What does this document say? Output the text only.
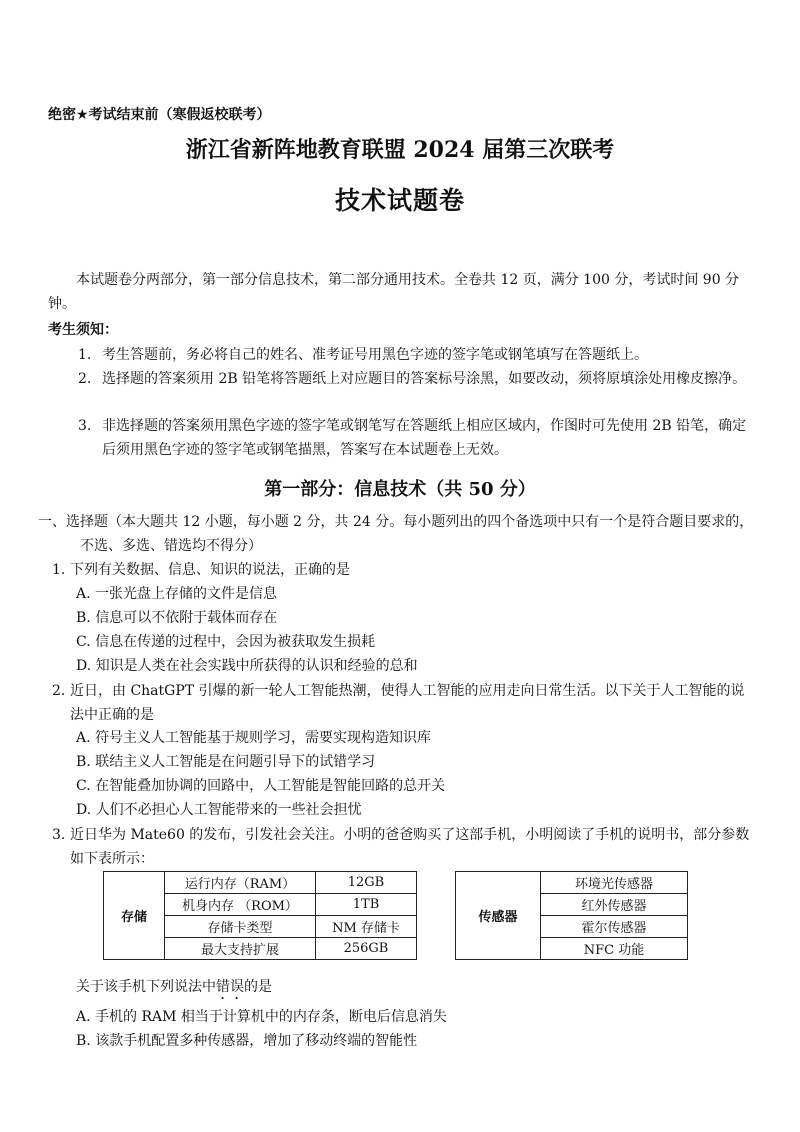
绝密★考试结束前（寒假返校联考）
浙江省新阵地教育联盟 2024 届第三次联考
技术试题卷
本试题卷分两部分，第一部分信息技术，第二部分通用技术。全卷共 12 页，满分 100 分，考试时间 90 分钟。
考生须知：
1. 考生答题前，务必将自己的姓名、准考证号用黑色字迹的签字笔或钢笔填写在答题纸上。
2. 选择题的答案须用 2B 铅笔将答题纸上对应题目的答案标号涂黑，如要改动，须将原填涂处用橡皮擦净。
3. 非选择题的答案须用黑色字迹的签字笔或钢笔写在答题纸上相应区域内，作图时可先使用 2B 铅笔，确定后须用黑色字迹的签字笔或钢笔描黑，答案写在本试题卷上无效。
第一部分：信息技术（共 50 分）
一、选择题（本大题共 12 小题，每小题 2 分，共 24 分。每小题列出的四个备选项中只有一个是符合题目要求的，不选、多选、错选均不得分）
1. 下列有关数据、信息、知识的说法，正确的是
A. 一张光盘上存储的文件是信息
B. 信息可以不依附于载体而存在
C. 信息在传递的过程中，会因为被获取发生损耗
D. 知识是人类在社会实践中所获得的认识和经验的总和
2. 近日，由 ChatGPT 引爆的新一轮人工智能热潮，使得人工智能的应用走向日常生活。以下关于人工智能的说法中正确的是
A. 符号主义人工智能基于规则学习，需要实现构造知识库
B. 联结主义人工智能是在问题引导下的试错学习
C. 在智能叠加协调的回路中，人工智能是智能回路的总开关
D. 人们不必担心人工智能带来的一些社会担忧
3. 近日华为 Mate60 的发布，引发社会关注。小明的爸爸购买了这部手机，小明阅读了手机的说明书，部分参数如下表所示：
存储	运行内存（RAM）	12GB
	机身内存 （ROM）	1TB
	存储卡类型	NM 存储卡
	最大支持扩展	256GB
传感器	环境光传感器
红外传感器
霍尔传感器
NFC 功能
关于该手机下列说法中错误的是
A. 手机的 RAM 相当于计算机中的内存条，断电后信息消失
B. 该款手机配置多种传感器，增加了移动终端的智能性
